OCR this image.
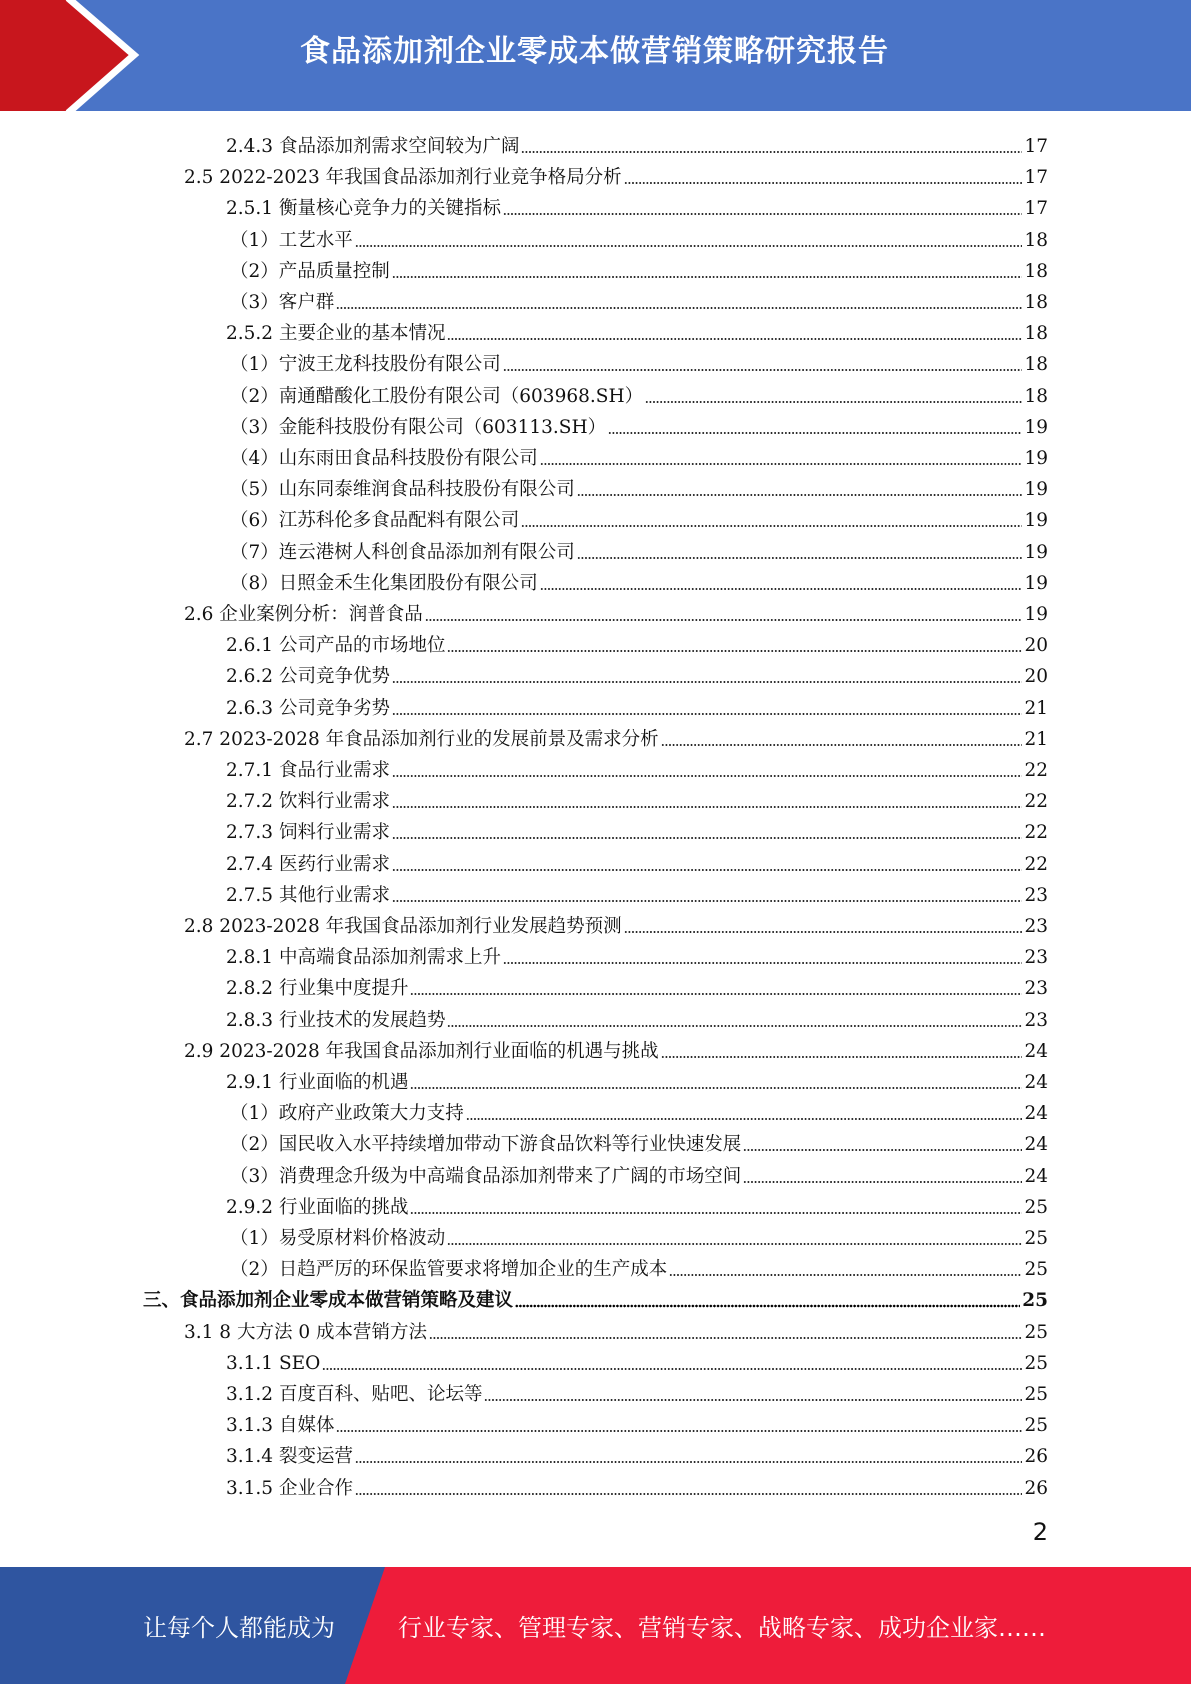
食品添加剂企业零成本做营销策略研究报告
2.4.3 食品添加剂需求空间较为广阔	17
2.5 2022-2023 年我国食品添加剂行业竞争格局分析	17
2.5.1 衡量核心竞争力的关键指标	17
（1）工艺水平	18
（2）产品质量控制	18
（3）客户群	18
2.5.2 主要企业的基本情况	18
（1）宁波王龙科技股份有限公司	18
（2）南通醋酸化工股份有限公司（603968.SH）	18
（3）金能科技股份有限公司（603113.SH）	19
（4）山东雨田食品科技股份有限公司	19
（5）山东同泰维润食品科技股份有限公司	19
（6）江苏科伦多食品配料有限公司	19
（7）连云港树人科创食品添加剂有限公司	19
（8）日照金禾生化集团股份有限公司	19
2.6 企业案例分析：润普食品	19
2.6.1 公司产品的市场地位	20
2.6.2 公司竞争优势	20
2.6.3 公司竞争劣势	21
2.7 2023-2028 年食品添加剂行业的发展前景及需求分析	21
2.7.1 食品行业需求	22
2.7.2 饮料行业需求	22
2.7.3 饲料行业需求	22
2.7.4 医药行业需求	22
2.7.5 其他行业需求	23
2.8 2023-2028 年我国食品添加剂行业发展趋势预测	23
2.8.1 中高端食品添加剂需求上升	23
2.8.2 行业集中度提升	23
2.8.3 行业技术的发展趋势	23
2.9 2023-2028 年我国食品添加剂行业面临的机遇与挑战	24
2.9.1 行业面临的机遇	24
（1）政府产业政策大力支持	24
（2）国民收入水平持续增加带动下游食品饮料等行业快速发展	24
（3）消费理念升级为中高端食品添加剂带来了广阔的市场空间	24
2.9.2 行业面临的挑战	25
（1）易受原材料价格波动	25
（2）日趋严厉的环保监管要求将增加企业的生产成本	25
三、食品添加剂企业零成本做营销策略及建议	25
3.1 8 大方法 0 成本营销方法	25
3.1.1 SEO	25
3.1.2 百度百科、贴吧、论坛等	25
3.1.3 自媒体	25
3.1.4 裂变运营	26
3.1.5 企业合作	26
2
让每个人都能成为	行业专家、管理专家、营销专家、战略专家、成功企业家……
